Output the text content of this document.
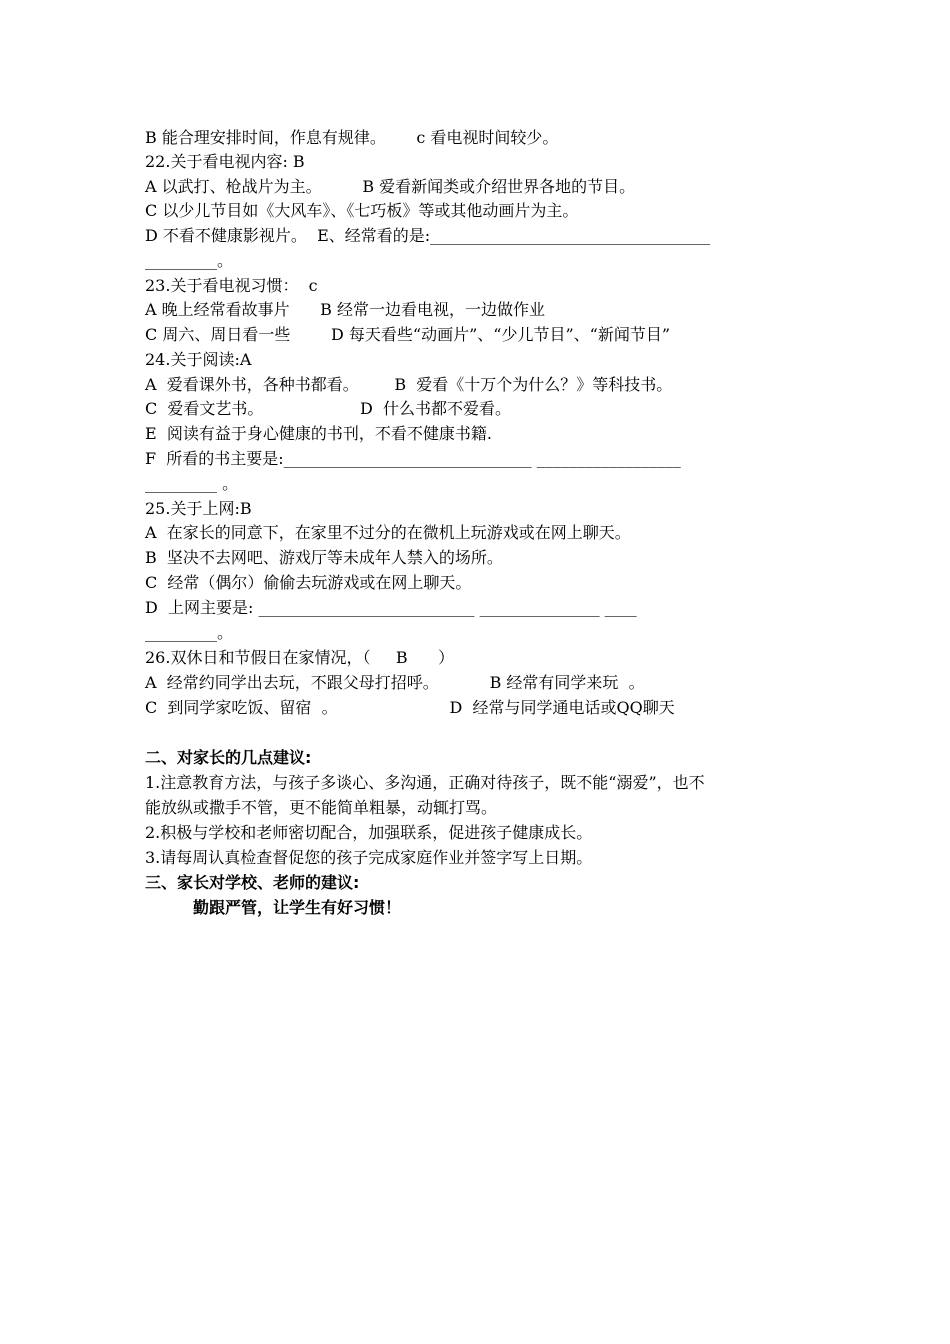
B 能合理安排时间，作息有规律。      c 看电视时间较少。
22.关于看电视内容: B
A 以武打、枪战片为主。        B 爱看新闻类或介绍世界各地的节目。
C 以少儿节目如《大风车》、《七巧板》等或其他动画片为主。
D 不看不健康影视片。  E、经常看的是:___________________________________
_________。
23.关于看电视习惯：  c
A 晚上经常看故事片      B 经常一边看电视，一边做作业
C 周六、周日看一些        D 每天看些“动画片”、“少儿节目”、“新闻节目”
24.关于阅读:A
A  爱看课外书，各种书都看。       B  爱看《十万个为什么？》等科技书。
C  爱看文艺书。                   D  什么书都不爱看。
E  阅读有益于身心健康的书刊，不看不健康书籍.
F  所看的书主要是:_______________________________ __________________
_________ 。
25.关于上网:B
A  在家长的同意下，在家里不过分的在微机上玩游戏或在网上聊天。
B  坚决不去网吧、游戏厅等未成年人禁入的场所。
C  经常（偶尔）偷偷去玩游戏或在网上聊天。
D  上网主要是: ___________________________ _______________ ____
_________。
26.双休日和节假日在家情况，（     B      ）
A  经常约同学出去玩，不跟父母打招呼。          B 经常有同学来玩  。
C  到同学家吃饭、留宿  。                      D  经常与同学通电话或QQ聊天
二、对家长的几点建议:
1.注意教育方法，与孩子多谈心、多沟通，正确对待孩子，既不能“溺爱”，也不
能放纵或撒手不管，更不能简单粗暴，动辄打骂。
2.积极与学校和老师密切配合，加强联系，促进孩子健康成长。
3.请每周认真检查督促您的孩子完成家庭作业并签字写上日期。
三、家长对学校、老师的建议:
勤跟严管，让学生有好习惯！
